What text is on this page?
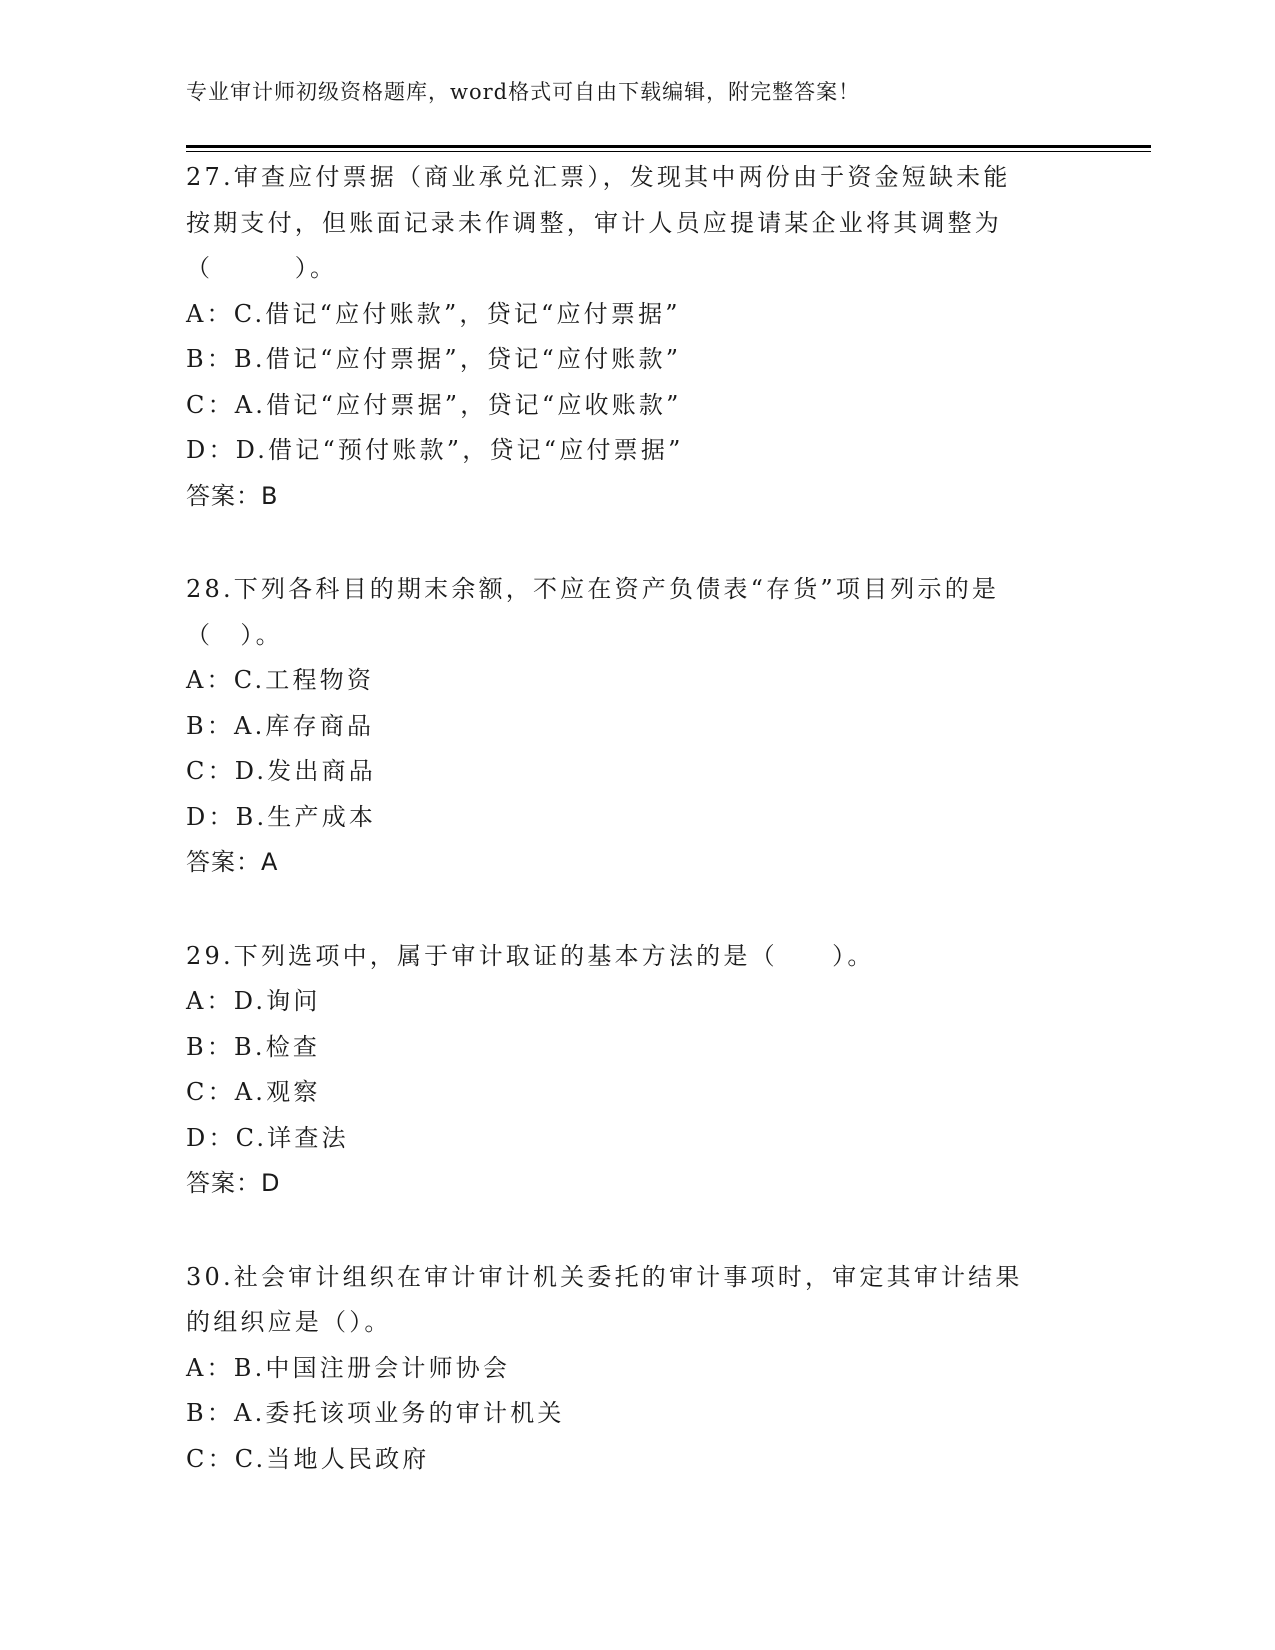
专业审计师初级资格题库，word格式可自由下载编辑，附完整答案！
27.审查应付票据（商业承兑汇票），发现其中两份由于资金短缺未能
按期支付，但账面记录未作调整，审计人员应提请某企业将其调整为
（　　　）。
A：C.借记“应付账款”，贷记“应付票据”
B：B.借记“应付票据”，贷记“应付账款”
C：A.借记“应付票据”，贷记“应收账款”
D：D.借记“预付账款”，贷记“应付票据”
答案：B
28.下列各科目的期末余额，不应在资产负债表“存货”项目列示的是
（　）。
A：C.工程物资
B：A.库存商品
C：D.发出商品
D：B.生产成本
答案：A
29.下列选项中，属于审计取证的基本方法的是（　　）。
A：D.询问
B：B.检查
C：A.观察
D：C.详查法
答案：D
30.社会审计组织在审计审计机关委托的审计事项时，审定其审计结果
的组织应是（）。
A：B.中国注册会计师协会
B：A.委托该项业务的审计机关
C：C.当地人民政府
